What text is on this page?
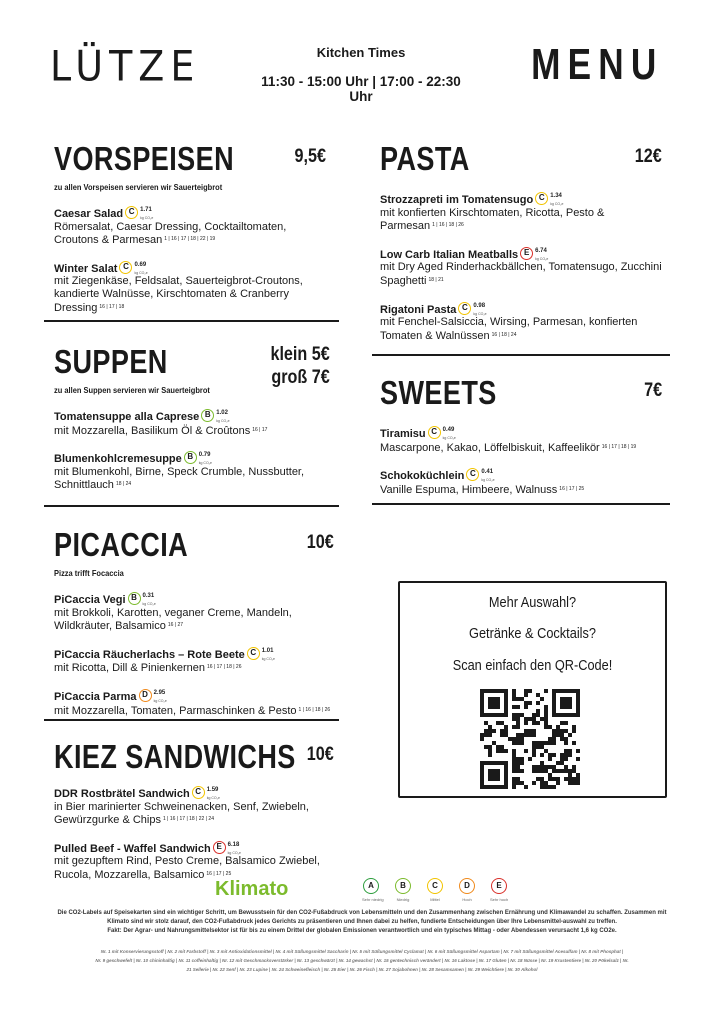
LÜTZE	Kitchen Times
11:30 - 15:00 Uhr | 17:00 - 22:30 Uhr
MENU
VORSPEISEN	9,5€
zu allen Vorspeisen servieren wir Sauerteigbrot
Caesar Salad C 1.71
kg CO₂e

Römersalat, Caesar Dressing, Cocktailtomaten, Croutons & Parmesan $^{1 | 16 | 17 | 18 | 22 | 19}$
Winter Salat C 0.69
kg CO₂e

mit Ziegenkäse, Feldsalat, Sauerteigbrot-Croutons, kandierte Walnüsse, Kirschtomaten & Cranberry Dressing $^{16 | 17 | 18}$
SUPPEN	klein 5€
groß 7€
zu allen Suppen servieren wir Sauerteigbrot
Tomatensuppe alla Caprese B 1.02
kg CO₂e

mit Mozzarella, Basilikum Öl & Croûtons $^{16 | 17}$
Blumenkohlcremesuppe B 0.79
kg CO₂e

mit Blumenkohl, Birne, Speck Crumble, Nussbutter, Schnittlauch $^{18 | 24}$
PICACCIA	10€
Pizza trifft Focaccia
PiCaccia Vegi B 0.31
kg CO₂e

mit Brokkoli, Karotten, veganer Creme, Mandeln, Wildkräuter, Balsamico $^{16 | 27}$
PiCaccia Räucherlachs – Rote Beete C 1.01
kg CO₂e

mit Ricotta, Dill & Pinienkernen $^{16 | 17 | 18 | 26}$
PiCaccia Parma D 2.95
kg CO₂e

mit Mozzarella, Tomaten, Parmaschinken & Pesto $^{1 | 16 | 18 | 26}$
KIEZ SANDWICHS 10€
DDR Rostbrätel Sandwich C 1.59
kg CO₂e

in Bier marinierter Schweinenacken, Senf, Zwiebeln, Gewürzgurke & Chips $^{1 | 16 | 17 | 18 | 22 | 24}$
Pulled Beef - Waffel Sandwich E 6.18
kg CO₂e

mit gezupftem Rind, Pesto Creme, Balsamico Zwiebel, Rucola, Mozzarella, Balsamico $^{16 | 17 | 25}$
PASTA	12€
Strozzapreti im Tomatensugo C 1.34
kg CO₂e

mit konfierten Kirschtomaten, Ricotta, Pesto & Parmesan $^{1 | 16 | 18 | 26}$
Low Carb Italian Meatballs E 6.74
kg CO₂e

mit Dry Aged Rinderhackbällchen, Tomatensugo, Zucchini Spaghetti $^{18 | 21}$
Rigatoni Pasta C 0.98
kg CO₂e

mit Fenchel-Salsiccia, Wirsing, Parmesan, konfierten Tomaten & Walnüssen $^{16 | 18 | 24}$
SWEETS	7€
Tiramisu C 0.49
kg CO₂e

Mascarpone, Kakao, Löffelbiskuit, Kaffeelikör $^{16 | 17 | 18 | 19}$
Schokoküchlein C 0.41
kg CO₂e

Vanille Espuma, Himbeere, Walnuss $^{16 | 17 | 25}$
Mehr Auswahl?
Getränke & Cocktails?
Scan einfach den QR-Code!
Klimato	A
Sehr niedrig
B
Niedrig
C
Mittel
D
Hoch
E
Sehr hoch
Die CO2-Labels auf Speisekarten sind ein wichtiger Schritt, um Bewusstsein für den CO2-Fußabdruck von Lebensmitteln und den Zusammenhang zwischen Ernährung und Klimawandel zu schaffen. Zusammen mit
Klimato sind wir stolz darauf, den CO2-Fußabdruck jedes Gerichts zu präsentieren und Ihnen dabei zu helfen, fundierte Entscheidungen über Ihre Lebensmittel-auswahl zu treffen.
Fakt: Der Agrar- und Nahrungsmittelsektor ist für bis zu einem Drittel der globalen Emissionen verantwortlich und ein typisches Mittag - oder Abendessen verursacht 1,6 kg CO2e.
Nr. 1 mit Konservierungsstoff | Nr. 2 mit Farbstoff | Nr. 3 mit Antioxidationsmittel | Nr. 4 mit Süßungsmittel Saccharin | Nr. 5 mit Süßungsmittel Cyclamat | Nr. 6 mit Süßungsmittel Aspartam | Nr. 7 mit Süßungsmittel Acesulfam | Nr. 8 mit Phosphat |
Nr. 9 geschwefelt | Nr. 10 chininhaltig | Nr. 11 coffeinhaltig | Nr. 12 mit Geschmacksverstärker | Nr. 13 geschwärzt | Nr. 14 gewachst | Nr. 15 gentechnisch verändert | Nr. 16 Laktose | Nr. 17 Gluten | Nr. 18 Nüsse | Nr. 19 Krustentiere | Nr. 20 Pökelsalz | Nr.
21 Sellerie | Nr. 22 Senf | Nr. 23 Lupine | Nr. 24 Schweinefleisch | Nr. 25 Eier | Nr. 26 Fisch | Nr. 27 Sojabohnen | Nr. 28 Sesamsamen | Nr. 29 Weichtiere | Nr. 30 Alkohol
